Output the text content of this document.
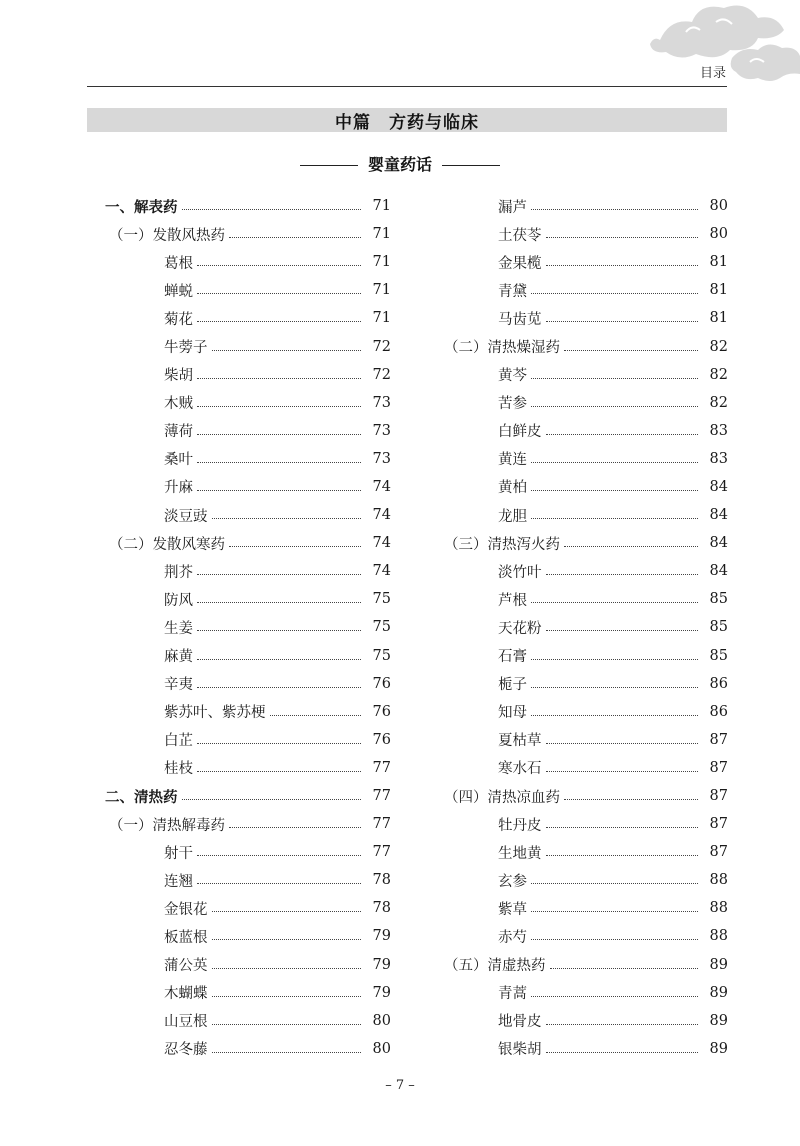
目录
中篇 方药与临床
婴童药话
一、解表药	71
（一）发散风热药	71
葛根	71
蝉蜕	71
菊花	71
牛蒡子	72
柴胡	72
木贼	73
薄荷	73
桑叶	73
升麻	74
淡豆豉	74
（二）发散风寒药	74
荆芥	74
防风	75
生姜	75
麻黄	75
辛夷	76
紫苏叶、紫苏梗	76
白芷	76
桂枝	77
二、清热药	77
（一）清热解毒药	77
射干	77
连翘	78
金银花	78
板蓝根	79
蒲公英	79
木蝴蝶	79
山豆根	80
忍冬藤	80
漏芦	80
土茯苓	80
金果榄	81
青黛	81
马齿苋	81
（二）清热燥湿药	82
黄芩	82
苦参	82
白鲜皮	83
黄连	83
黄柏	84
龙胆	84
（三）清热泻火药	84
淡竹叶	84
芦根	85
天花粉	85
石膏	85
栀子	86
知母	86
夏枯草	87
寒水石	87
（四）清热凉血药	87
牡丹皮	87
生地黄	87
玄参	88
紫草	88
赤芍	88
（五）清虚热药	89
青蒿	89
地骨皮	89
银柴胡	89
– 7 –
